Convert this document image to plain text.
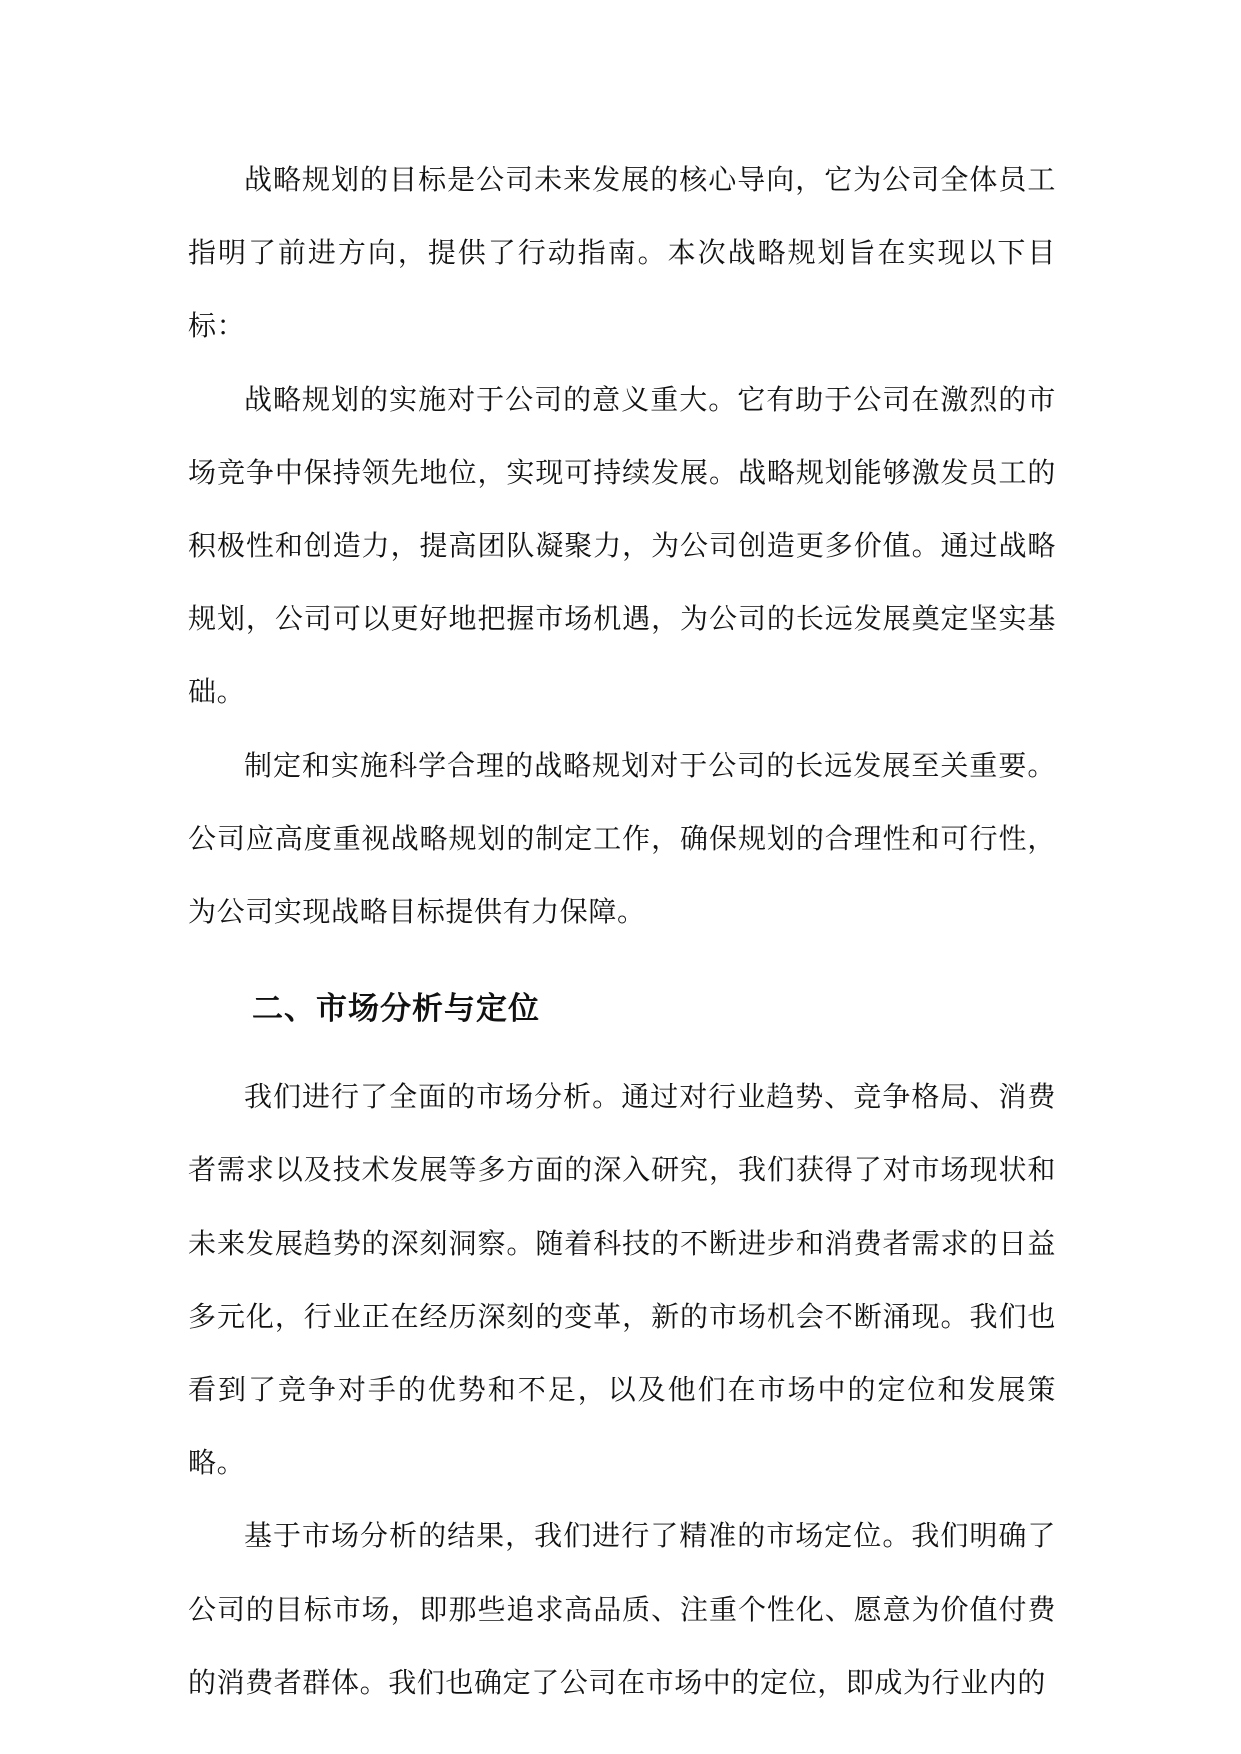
战略规划的目标是公司未来发展的核心导向，它为公司全体员工指明了前进方向，提供了行动指南。本次战略规划旨在实现以下目标：

战略规划的实施对于公司的意义重大。它有助于公司在激烈的市场竞争中保持领先地位，实现可持续发展。战略规划能够激发员工的积极性和创造力，提高团队凝聚力，为公司创造更多价值。通过战略规划，公司可以更好地把握市场机遇，为公司的长远发展奠定坚实基础。

制定和实施科学合理的战略规划对于公司的长远发展至关重要。公司应高度重视战略规划的制定工作，确保规划的合理性和可行性，为公司实现战略目标提供有力保障。

二、市场分析与定位

我们进行了全面的市场分析。通过对行业趋势、竞争格局、消费者需求以及技术发展等多方面的深入研究，我们获得了对市场现状和未来发展趋势的深刻洞察。随着科技的不断进步和消费者需求的日益多元化，行业正在经历深刻的变革，新的市场机会不断涌现。我们也看到了竞争对手的优势和不足，以及他们在市场中的定位和发展策略。

基于市场分析的结果，我们进行了精准的市场定位。我们明确了公司的目标市场，即那些追求高品质、注重个性化、愿意为价值付费的消费者群体。我们也确定了公司在市场中的定位，即成为行业内的
